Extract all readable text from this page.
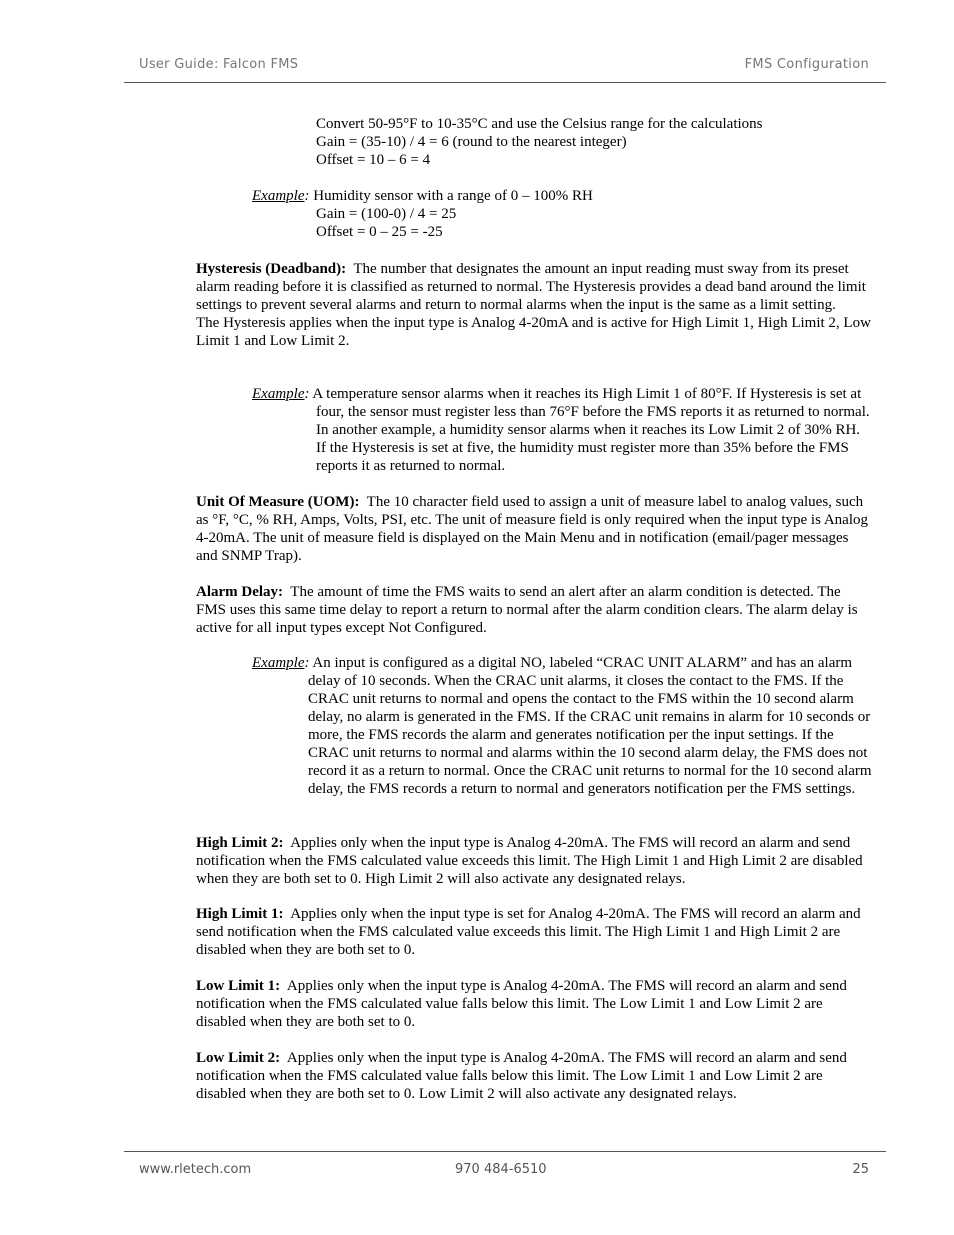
User Guide: Falcon FMS	FMS Configuration
Convert 50-95°F to 10-35°C and use the Celsius range for the calculations
Gain = (35-10) / 4 = 6 (round to the nearest integer)
Offset = 10 – 6 = 4
Example: Humidity sensor with a range of 0 – 100% RH
Gain = (100-0) / 4 = 25
Offset = 0 – 25 = -25
Hysteresis (Deadband): The number that designates the amount an input reading must sway from its preset alarm reading before it is classified as returned to normal. The Hysteresis provides a dead band around the limit settings to prevent several alarms and return to normal alarms when the input is the same as a limit setting.
The Hysteresis applies when the input type is Analog 4-20mA and is active for High Limit 1, High Limit 2, Low Limit 1 and Low Limit 2.
Example: A temperature sensor alarms when it reaches its High Limit 1 of 80°F. If Hysteresis is set at four, the sensor must register less than 76°F before the FMS reports it as returned to normal. In another example, a humidity sensor alarms when it reaches its Low Limit 2 of 30% RH. If the Hysteresis is set at five, the humidity must register more than 35% before the FMS reports it as returned to normal.
Unit Of Measure (UOM): The 10 character field used to assign a unit of measure label to analog values, such as °F, °C, % RH, Amps, Volts, PSI, etc. The unit of measure field is only required when the input type is Analog 4-20mA. The unit of measure field is displayed on the Main Menu and in notification (email/pager messages and SNMP Trap).
Alarm Delay: The amount of time the FMS waits to send an alert after an alarm condition is detected. The FMS uses this same time delay to report a return to normal after the alarm condition clears. The alarm delay is active for all input types except Not Configured.
Example: An input is configured as a digital NO, labeled “CRAC UNIT ALARM” and has an alarm delay of 10 seconds. When the CRAC unit alarms, it closes the contact to the FMS. If the CRAC unit returns to normal and opens the contact to the FMS within the 10 second alarm delay, no alarm is generated in the FMS. If the CRAC unit remains in alarm for 10 seconds or more, the FMS records the alarm and generates notification per the input settings. If the CRAC unit returns to normal and alarms within the 10 second alarm delay, the FMS does not record it as a return to normal. Once the CRAC unit returns to normal for the 10 second alarm delay, the FMS records a return to normal and generators notification per the FMS settings.
High Limit 2: Applies only when the input type is Analog 4-20mA. The FMS will record an alarm and send notification when the FMS calculated value exceeds this limit. The High Limit 1 and High Limit 2 are disabled when they are both set to 0. High Limit 2 will also activate any designated relays.
High Limit 1: Applies only when the input type is set for Analog 4-20mA. The FMS will record an alarm and send notification when the FMS calculated value exceeds this limit. The High Limit 1 and High Limit 2 are disabled when they are both set to 0.
Low Limit 1: Applies only when the input type is Analog 4-20mA. The FMS will record an alarm and send notification when the FMS calculated value falls below this limit. The Low Limit 1 and Low Limit 2 are disabled when they are both set to 0.
Low Limit 2: Applies only when the input type is Analog 4-20mA. The FMS will record an alarm and send notification when the FMS calculated value falls below this limit. The Low Limit 1 and Low Limit 2 are disabled when they are both set to 0. Low Limit 2 will also activate any designated relays.
www.rletech.com	970 484-6510	25
